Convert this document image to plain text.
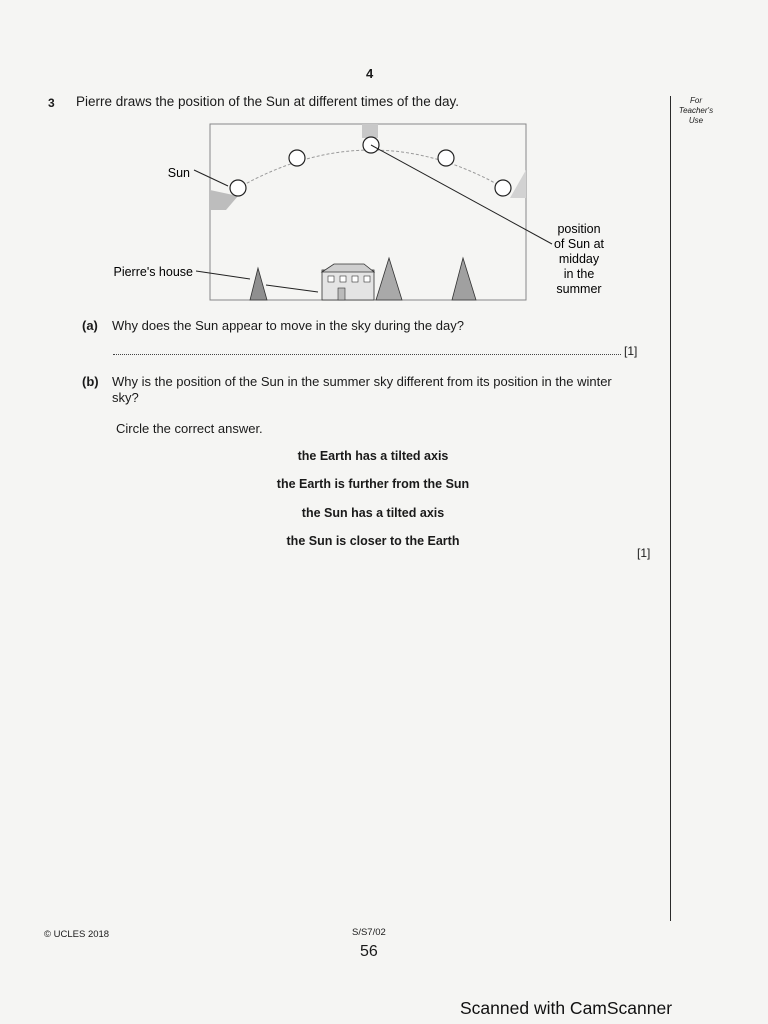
4
3 Pierre draws the position of the Sun at different times of the day.	For Teacher's Use
Sun
Pierre's house
position
of Sun at
midday
in the
summer
(a) Why does the Sun appear to move in the sky during the day?
[1]
(b) Why is the position of the Sun in the summer sky different from its position in the winter
sky?
Circle the correct answer.
the Earth has a tilted axis
the Earth is further from the Sun
the Sun has a tilted axis
the Sun is closer to the Earth
[1]
© UCLES 2018	S/S7/02
56
Scanned with CamScanner
